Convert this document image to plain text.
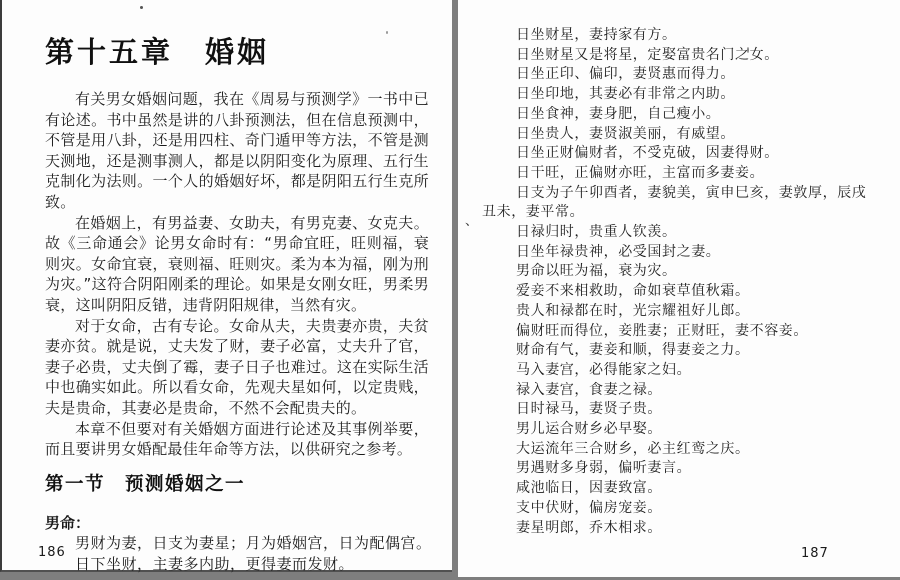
第十五章　婚姻

有关男女婚姻问题，我在《周易与预测学》一书中已有论述。书中虽然是讲的八卦预测法，但在信息预测中，不管是用八卦，还是用四柱、奇门遁甲等方法，不管是测天测地，还是测事测人，都是以阴阳变化为原理、五行生克制化为法则。一个人的婚姻好坏，都是阴阳五行生克所致。

在婚姻上，有男益妻、女助夫，有男克妻、女克夫。故《三命通会》论男女命时有：“男命宜旺，旺则福，衰则灾。女命宜衰，衰则福、旺则灾。柔为本为福，刚为刑为灾。”这符合阴阳刚柔的理论。如果是女刚女旺，男柔男衰，这叫阴阳反错，违背阴阳规律，当然有灾。

对于女命，古有专论。女命从夫，夫贵妻亦贵，夫贫妻亦贫。就是说，丈夫发了财，妻子必富，丈夫升了官，妻子必贵，丈夫倒了霉，妻子日子也难过。这在实际生活中也确实如此。所以看女命，先观夫星如何，以定贵贱，夫是贵命，其妻必是贵命，不然不会配贵夫的。

本章不但要对有关婚姻方面进行论述及其事例举要，而且要讲男女婚配最佳年命等方法，以供研究之参考。

第一节　预测婚姻之一
男命：
男财为妻，日支为妻星；月为婚姻宫，日为配偶宫。
日下坐财，主妻多内助，更得妻而发财。
186
、
日坐财星，妻持家有方。
日坐财星又是将星，定娶富贵名门之女。
日坐正印、偏印，妻贤惠而得力。
日坐印地，其妻必有非常之内助。
日坐食神，妻身肥，自己瘦小。
日坐贵人，妻贤淑美丽，有威望。
日坐正财偏财者，不受克破，因妻得财。
日干旺，正偏财亦旺，主富而多妻妾。
日支为子午卯酉者，妻貌美，寅申巳亥，妻敦厚，辰戌
丑未，妻平常。
日禄归时，贵重人钦羡。
日坐年禄贵神，必受国封之妻。
男命以旺为福，衰为灾。
爱妾不来相救助，命如衰草值秋霜。
贵人和禄都在时，光宗耀祖好儿郎。
偏财旺而得位，妾胜妻；正财旺，妻不容妾。
财命有气，妻妾和顺，得妻妾之力。
马入妻宫，必得能家之妇。
禄入妻宫，食妻之禄。
日时禄马，妻贤子贵。
男儿运合财乡必早娶。
大运流年三合财乡，必主红鸾之庆。
男遇财多身弱，偏听妻言。
咸池临日，因妻致富。
支中伏财，偏房宠妾。
妻星明郎，乔木相求。
187
